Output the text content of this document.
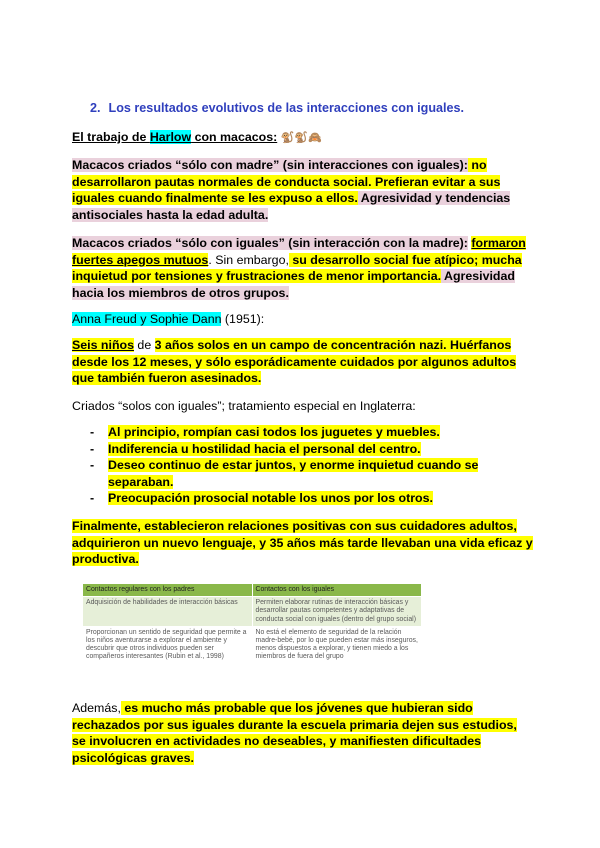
2. Los resultados evolutivos de las interacciones con iguales.

El trabajo de Harlow con macacos: 🐒🐒🙈

Macacos criados “sólo con madre” (sin interacciones con iguales): no desarrollaron pautas normales de conducta social. Prefieran evitar a sus iguales cuando finalmente se les expuso a ellos. Agresividad y tendencias antisociales hasta la edad adulta.

Macacos criados “sólo con iguales” (sin interacción con la madre): formaron fuertes apegos mutuos. Sin embargo, su desarrollo social fue atípico; mucha inquietud por tensiones y frustraciones de menor importancia. Agresividad hacia los miembros de otros grupos.

Anna Freud y Sophie Dann (1951):

Seis niños de 3 años solos en un campo de concentración nazi. Huérfanos desde los 12 meses, y sólo esporádicamente cuidados por algunos adultos que también fueron asesinados.

Criados “solos con iguales”; tratamiento especial en Inglaterra:

- Al principio, rompían casi todos los juguetes y muebles.
- Indiferencia u hostilidad hacia el personal del centro.
- Deseo continuo de estar juntos, y enorme inquietud cuando se separaban.
- Preocupación prosocial notable los unos por los otros.

Finalmente, establecieron relaciones positivas con sus cuidadores adultos, adquirieron un nuevo lenguaje, y 35 años más tarde llevaban una vida eficaz y productiva.

Contactos regulares con los padres	Contactos con los iguales
Adquisición de habilidades de interacción básicas	Permiten elaborar rutinas de interacción básicas y desarrollar pautas competentes y adaptativas de conducta social con iguales (dentro del grupo social)
Proporcionan un sentido de seguridad que permite a los niños aventurarse a explorar el ambiente y descubrir que otros individuos pueden ser compañeros interesantes (Rubin et al., 1998)	No está el elemento de seguridad de la relación madre-bebé, por lo que pueden estar más inseguros, menos dispuestos a explorar, y tienen miedo a los miembros de fuera del grupo

Además, es mucho más probable que los jóvenes que hubieran sido rechazados por sus iguales durante la escuela primaria dejen sus estudios, se involucren en actividades no deseables, y manifiesten dificultades psicológicas graves.
